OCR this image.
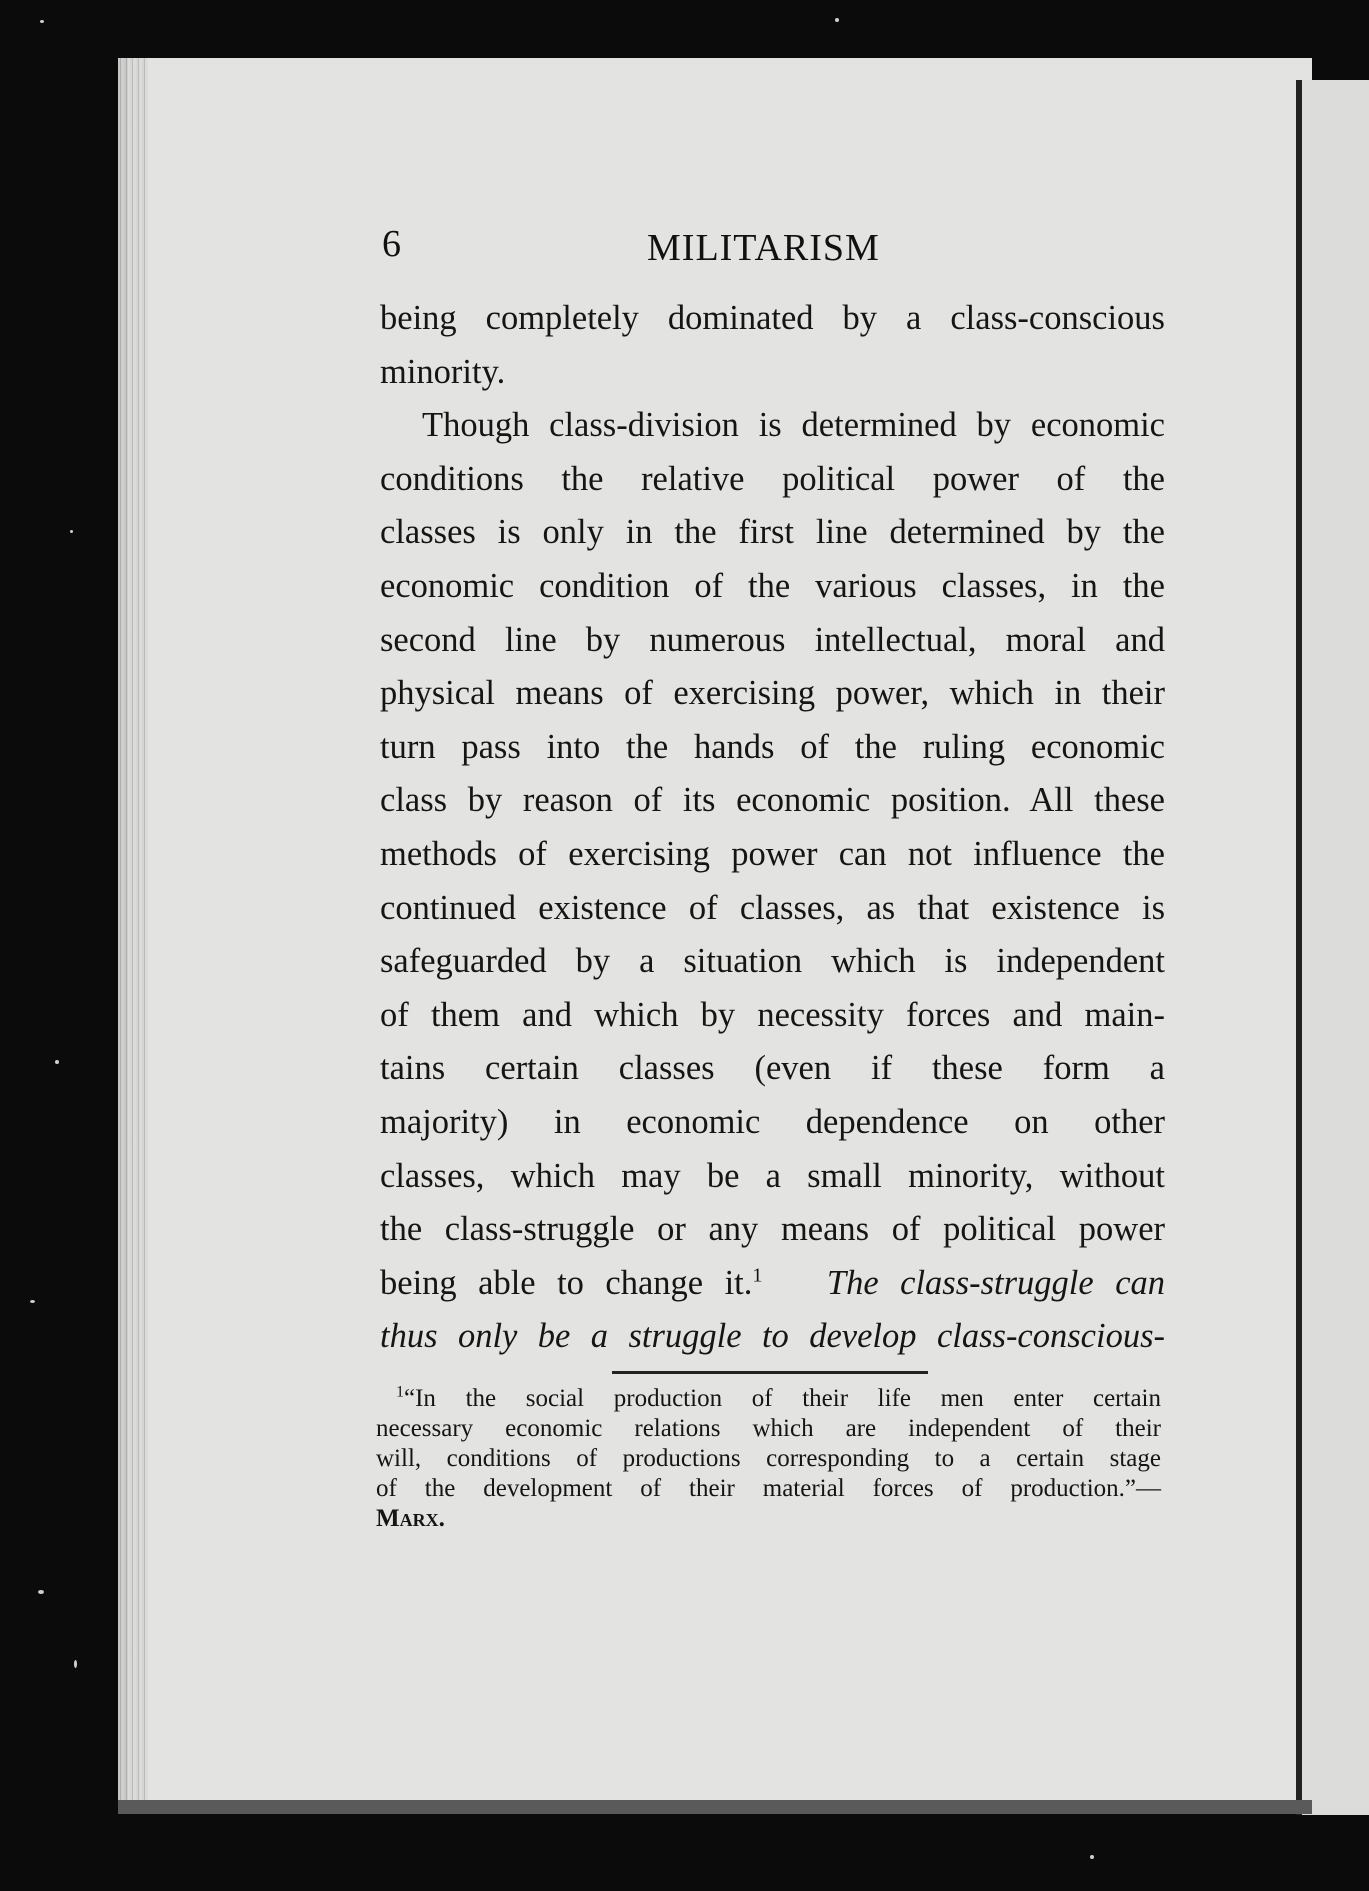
6	MILITARISM
being completely dominated by a class-conscious
minority.
Though class-division is determined by economic
conditions the relative political power of the
classes is only in the first line determined by the
economic condition of the various classes, in the
second line by numerous intellectual, moral and
physical means of exercising power, which in their
turn pass into the hands of the ruling economic
class by reason of its economic position. All these
methods of exercising power can not influence the
continued existence of classes, as that existence is
safeguarded by a situation which is independent
of them and which by necessity forces and main-
tains certain classes (even if these form a
majority) in economic dependence on other
classes, which may be a small minority, without
the class-struggle or any means of political power
being able to change it.$^1$ The class-struggle can
thus only be a struggle to develop class-conscious-
$^1$“In the social production of their life men enter certain
necessary economic relations which are independent of their
will, conditions of productions corresponding to a certain stage
of the development of their material forces of production.”—
Marx.
